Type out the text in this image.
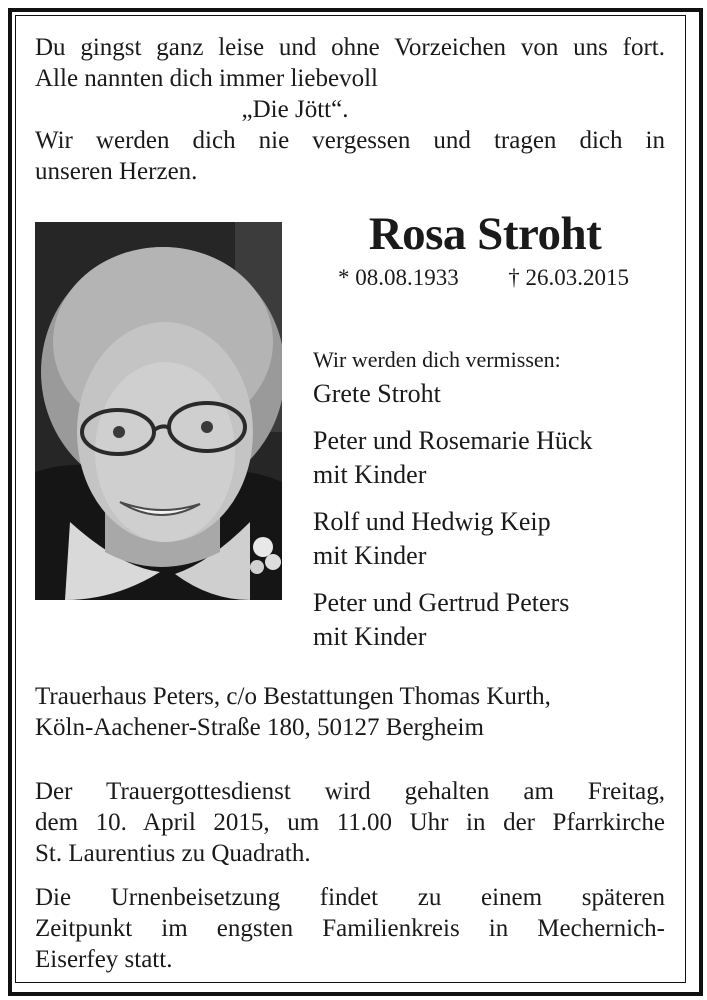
Du gingst ganz leise und ohne Vorzeichen von uns fort.
Alle nannten dich immer liebevoll
„Die Jött“.
Wir werden dich nie vergessen und tragen dich in
unseren Herzen.
Rosa Stroht
* 08.08.1933 † 26.03.2015
Wir werden dich vermissen:
Grete Stroht
Peter und Rosemarie Hück
mit Kinder
Rolf und Hedwig Keip
mit Kinder
Peter und Gertrud Peters
mit Kinder
Trauerhaus Peters, c/o Bestattungen Thomas Kurth,
Köln-Aachener-Straße 180, 50127 Bergheim
Der Trauergottesdienst wird gehalten am Freitag,
dem 10. April 2015, um 11.00 Uhr in der Pfarrkirche
St. Laurentius zu Quadrath.
Die Urnenbeisetzung findet zu einem späteren
Zeitpunkt im engsten Familienkreis in Mechernich-
Eiserfey statt.
